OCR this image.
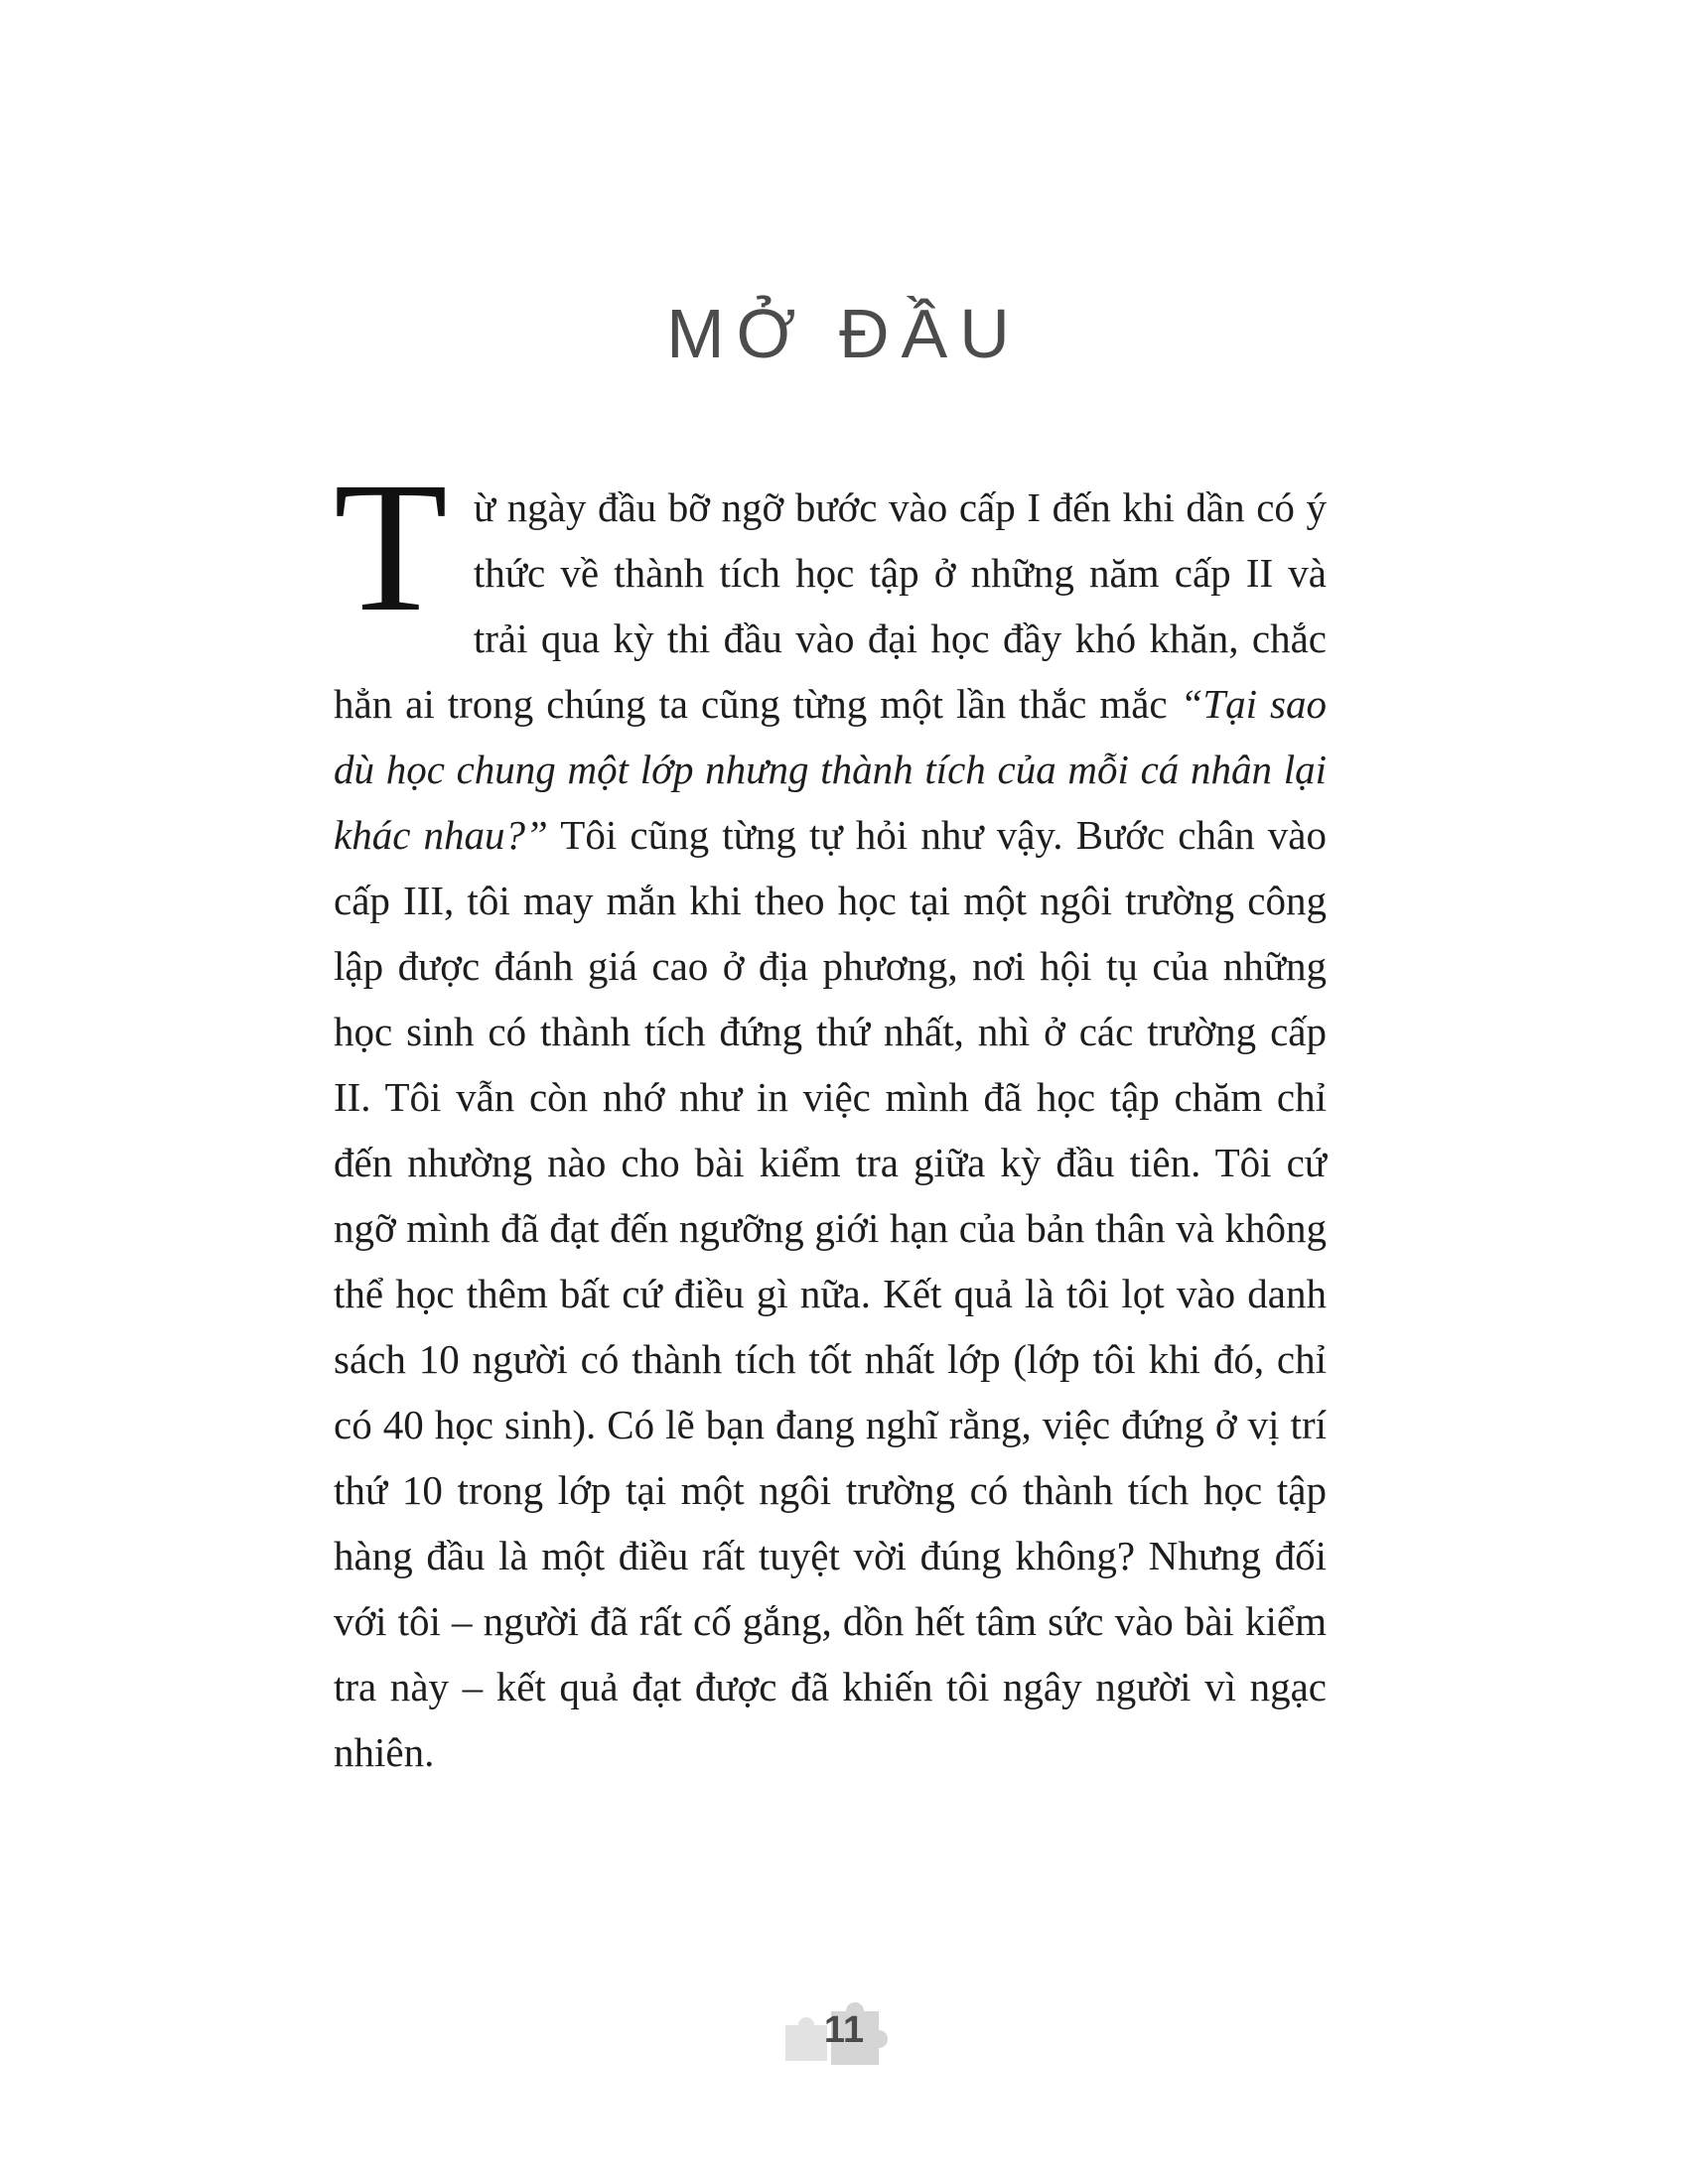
MỞ ĐẦU

Từ ngày đầu bỡ ngỡ bước vào cấp I đến khi dần có ý thức về thành tích học tập ở những năm cấp II và trải qua kỳ thi đầu vào đại học đầy khó khăn, chắc hẳn ai trong chúng ta cũng từng một lần thắc mắc “Tại sao dù học chung một lớp nhưng thành tích của mỗi cá nhân lại khác nhau?” Tôi cũng từng tự hỏi như vậy. Bước chân vào cấp III, tôi may mắn khi theo học tại một ngôi trường công lập được đánh giá cao ở địa phương, nơi hội tụ của những học sinh có thành tích đứng thứ nhất, nhì ở các trường cấp II. Tôi vẫn còn nhớ như in việc mình đã học tập chăm chỉ đến nhường nào cho bài kiểm tra giữa kỳ đầu tiên. Tôi cứ ngỡ mình đã đạt đến ngưỡng giới hạn của bản thân và không thể học thêm bất cứ điều gì nữa. Kết quả là tôi lọt vào danh sách 10 người có thành tích tốt nhất lớp (lớp tôi khi đó, chỉ có 40 học sinh). Có lẽ bạn đang nghĩ rằng, việc đứng ở vị trí thứ 10 trong lớp tại một ngôi trường có thành tích học tập hàng đầu là một điều rất tuyệt vời đúng không? Nhưng đối với tôi – người đã rất cố gắng, dồn hết tâm sức vào bài kiểm tra này – kết quả đạt được đã khiến tôi ngây người vì ngạc nhiên.

11
